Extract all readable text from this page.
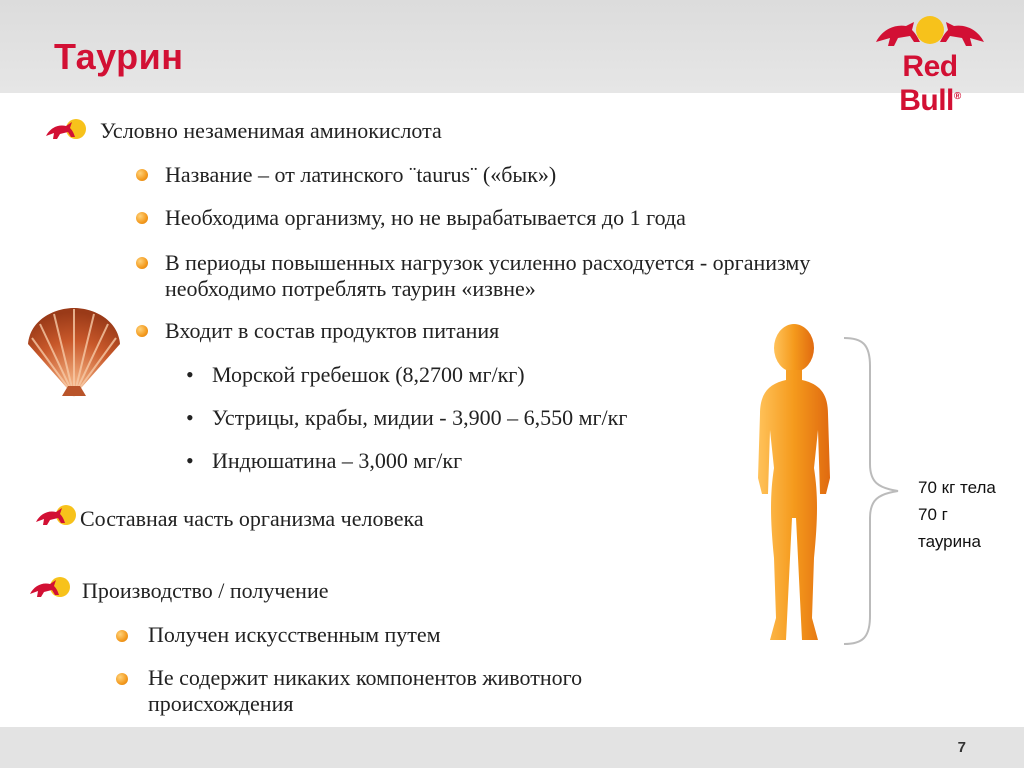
Таурин	Red Bull®
Условно незаменимая аминокислота
Название – от латинского ¨taurus¨ («бык»)
Необходима организму, но не вырабатывается до 1 года
В периоды повышенных нагрузок усиленно расходуется - организму
необходимо потреблять таурин «извне»
Входит в состав продуктов питания
• Морской гребешок (8,2700 мг/кг)
• Устрицы, крабы, мидии - 3,900 – 6,550 мг/кг
• Индюшатина – 3,000 мг/кг
Составная часть организма человека
Производство / получение
Получен искусственным путем
Не содержит никаких компонентов животного
происхождения
70 кг тела
70 г
таурина
7
